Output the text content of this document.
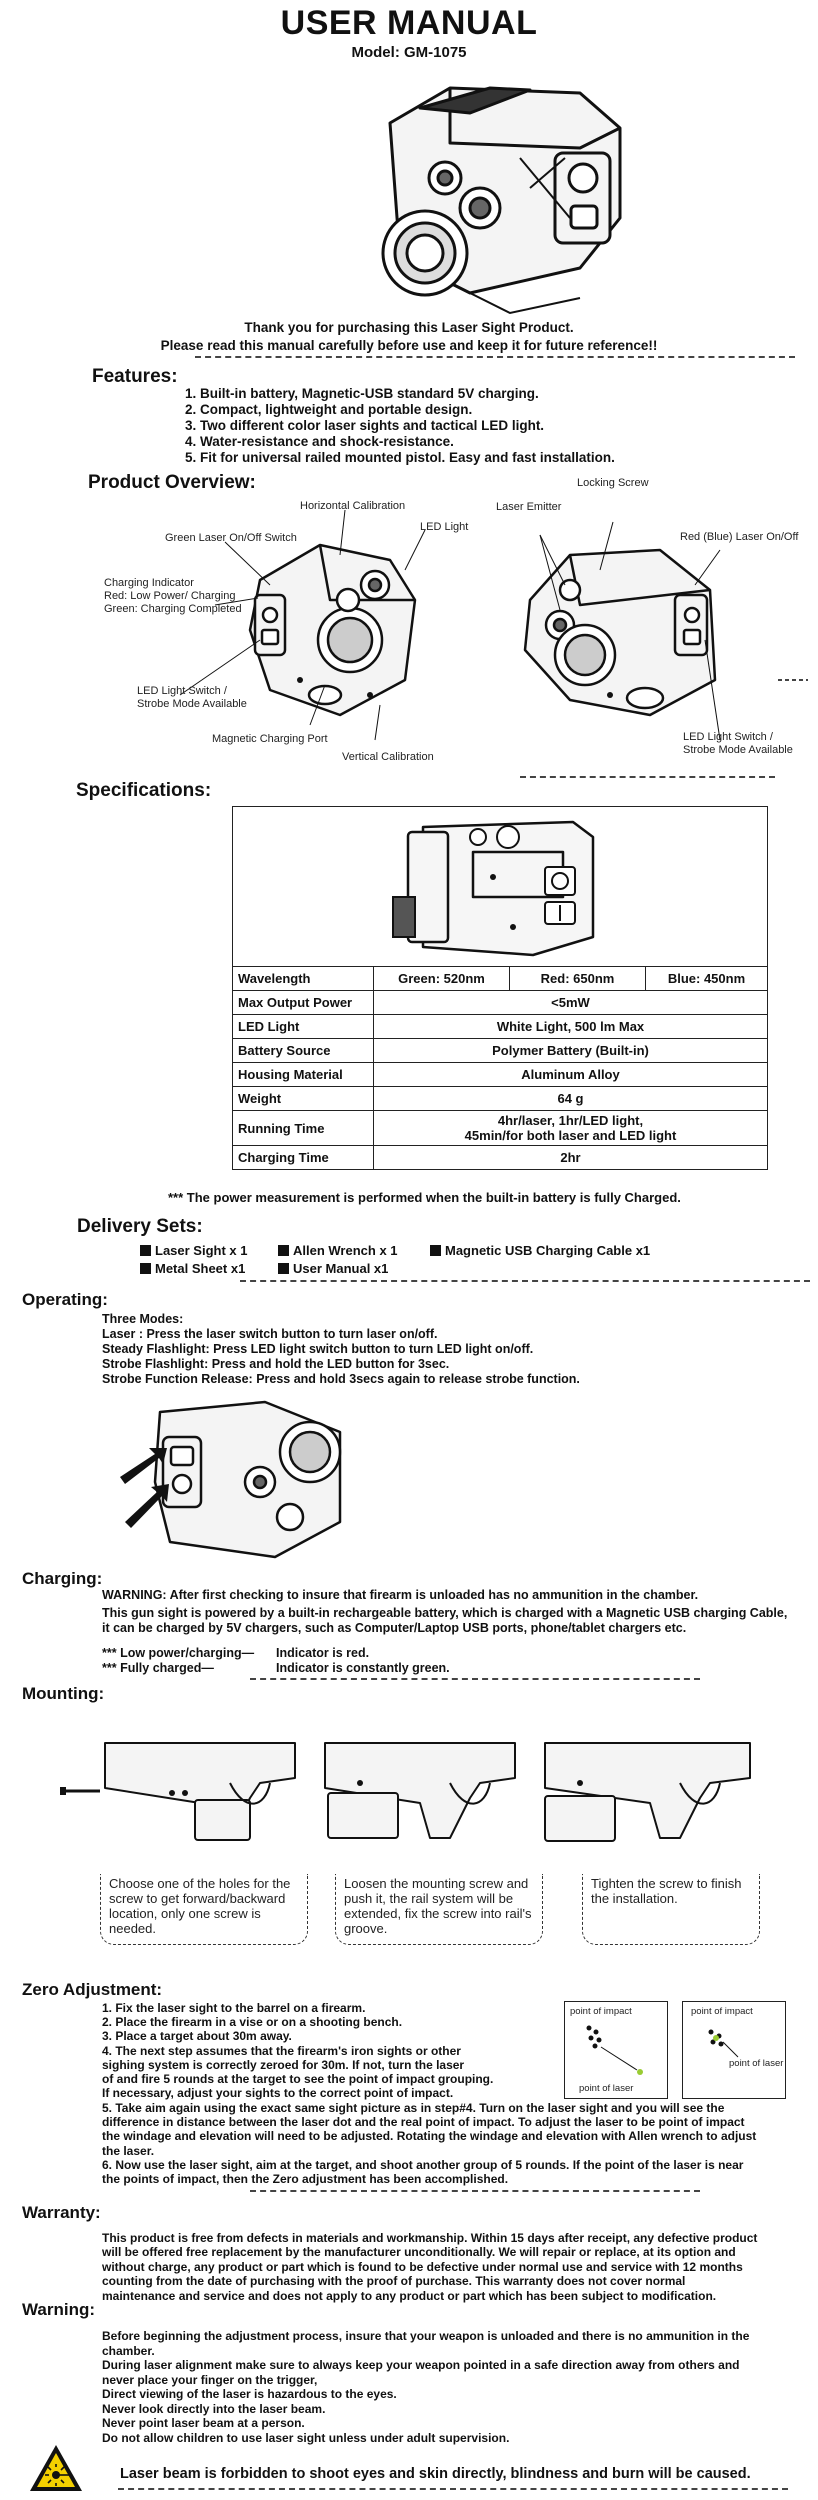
USER MANUAL
Model: GM-1075
Thank you for purchasing this Laser Sight Product.
Please read this manual carefully before use and keep it for future reference!!
Features:
1. Built-in battery, Magnetic-USB standard 5V charging.
2. Compact, lightweight and portable design.
3. Two different color laser sights and tactical LED light.
4. Water-resistance and shock-resistance.
5. Fit for universal railed mounted pistol. Easy and fast installation.
Product Overview:
Horizontal Calibration
Green Laser On/Off Switch
LED Light
Charging Indicator
Red: Low Power/ Charging
Green: Charging Completed
LED Light Switch /
Strobe Mode Available
Magnetic Charging Port
Vertical Calibration
Locking Screw
Laser Emitter
Red (Blue) Laser On/Off
LED Light Switch /
Strobe Mode Available
Specifications:
Wavelength	Green: 520nm	Red: 650nm	Blue: 450nm
Max Output Power	<5mW		
LED Light	White Light, 500 lm Max		
Battery Source	Polymer Battery (Built-in)		
Housing Material	Aluminum Alloy		
Weight	64 g		
Running Time	4hr/laser, 1hr/LED light,
45min/for both laser and LED light		

Charging Time	2hr		
*** The power measurement is performed when the built-in battery is fully Charged.
Delivery Sets:
Laser Sight x 1	Allen Wrench x 1	Magnetic USB Charging Cable x1
Metal Sheet x1	User Manual x1
Operating:
Three Modes:
Laser : Press the laser switch button to turn laser on/off.
Steady Flashlight: Press LED light switch button to turn LED light on/off.
Strobe Flashlight: Press and hold the LED button for 3sec.
Strobe Function Release: Press and hold 3secs again to release strobe function.
Charging:
WARNING: After first checking to insure that firearm is unloaded has no ammunition in the chamber.
This gun sight is powered by a built-in rechargeable battery, which is charged with a Magnetic USB charging Cable,
it can be charged by 5V chargers, such as Computer/Laptop USB ports, phone/tablet chargers etc.
*** Low power/charging— Indicator is red.
*** Fully charged—	Indicator is constantly green.
Mounting:
Choose one of the holes for the screw to get forward/backward location, only one screw is needed.
Loosen the mounting screw and push it, the rail system will be extended, fix the screw into rail's groove.
Tighten the screw to finish the installation.
Zero Adjustment:
1. Fix the laser sight to the barrel on a firearm.
2. Place the firearm in a vise or on a shooting bench.
3. Place a target about 30m away.
4. The next step assumes that the firearm's iron sights or other
sighing system is correctly zeroed for 30m. If not, turn the laser
of and fire 5 rounds at the target to see the point of impact grouping.
If necessary, adjust your sights to the correct point of impact.
5. Take aim again using the exact same sight picture as in step#4. Turn on the laser sight and you will see the
difference in distance between the laser dot and the real point of impact. To adjust the laser to be point of impact
the windage and elevation will need to be adjusted. Rotating the windage and elevation with Allen wrench to adjust
the laser.
6. Now use the laser sight, aim at the target, and shoot another group of 5 rounds. If the point of the laser is near
the points of impact, then the Zero adjustment has been accomplished.
point of impact
point of laser
point of impact
point of laser
Warranty:
This product is free from defects in materials and workmanship. Within 15 days after receipt, any defective product
will be offered free replacement by the manufacturer unconditionally. We will repair or replace, at its option and
without charge, any product or part which is found to be defective under normal use and service with 12 months
counting from the date of purchasing with the proof of purchase. This warranty does not cover normal
maintenance and service and does not apply to any product or part which has been subject to modification.
Warning:
Before beginning the adjustment process, insure that your weapon is unloaded and there is no ammunition in the
chamber.
During laser alignment make sure to always keep your weapon pointed in a safe direction away from others and
never place your finger on the trigger,
Direct viewing of the laser is hazardous to the eyes.
Never look directly into the laser beam.
Never point laser beam at a person.
Do not allow children to use laser sight unless under adult supervision.
Laser beam is forbidden to shoot eyes and skin directly, blindness and burn will be caused.
